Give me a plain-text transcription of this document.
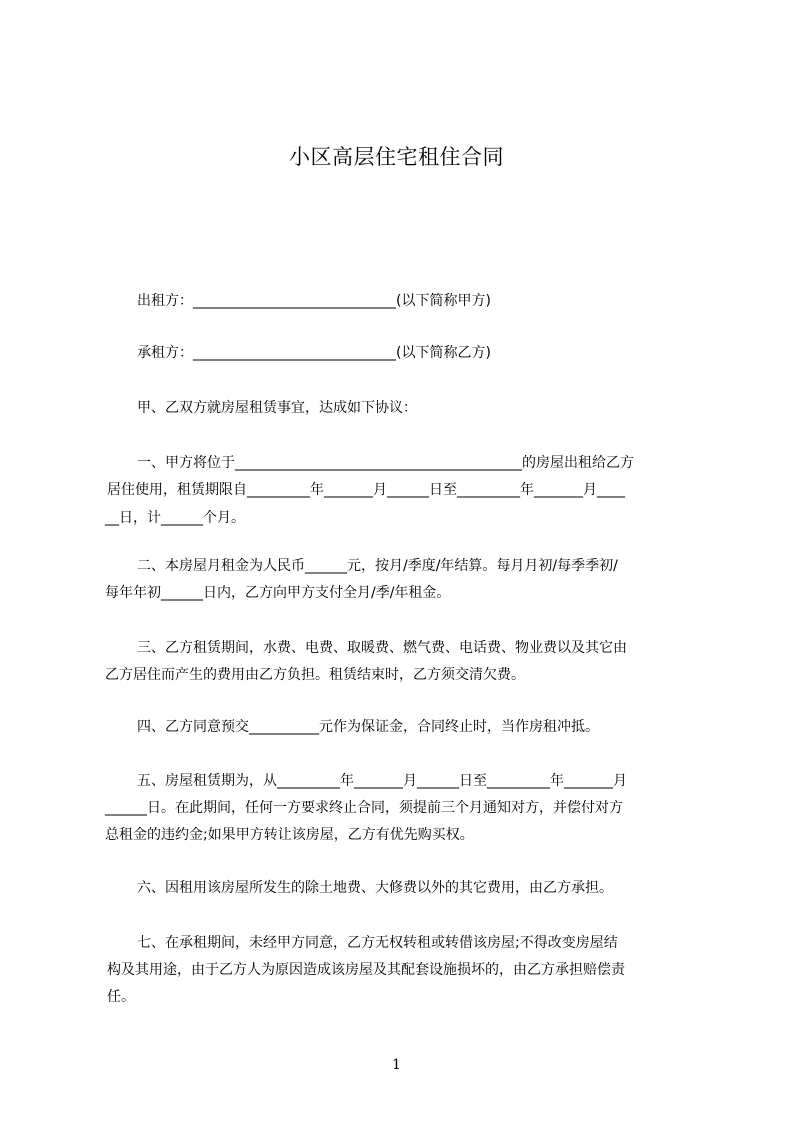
小区高层住宅租住合同
出租方：_____________________________(以下简称甲方)
承租方：_____________________________(以下简称乙方)
甲、乙双方就房屋租赁事宜，达成如下协议：
一、甲方将位于_________________________________________的房屋出租给乙方
居住使用，租赁期限自_________年_______月______日至_________年_______月____
__日，计______个月。
二、本房屋月租金为人民币______元，按月/季度/年结算。每月月初/每季季初/
每年年初______日内，乙方向甲方支付全月/季/年租金。
三、乙方租赁期间，水费、电费、取暖费、燃气费、电话费、物业费以及其它由
乙方居住而产生的费用由乙方负担。租赁结束时，乙方须交清欠费。
四、乙方同意预交__________元作为保证金，合同终止时，当作房租冲抵。
五、房屋租赁期为，从_________年_______月______日至_________年_______月
______日。在此期间，任何一方要求终止合同，须提前三个月通知对方，并偿付对方
总租金的违约金;如果甲方转让该房屋，乙方有优先购买权。
六、因租用该房屋所发生的除土地费、大修费以外的其它费用，由乙方承担。
七、在承租期间，未经甲方同意，乙方无权转租或转借该房屋;不得改变房屋结
构及其用途，由于乙方人为原因造成该房屋及其配套设施损坏的，由乙方承担赔偿责
任。
1
